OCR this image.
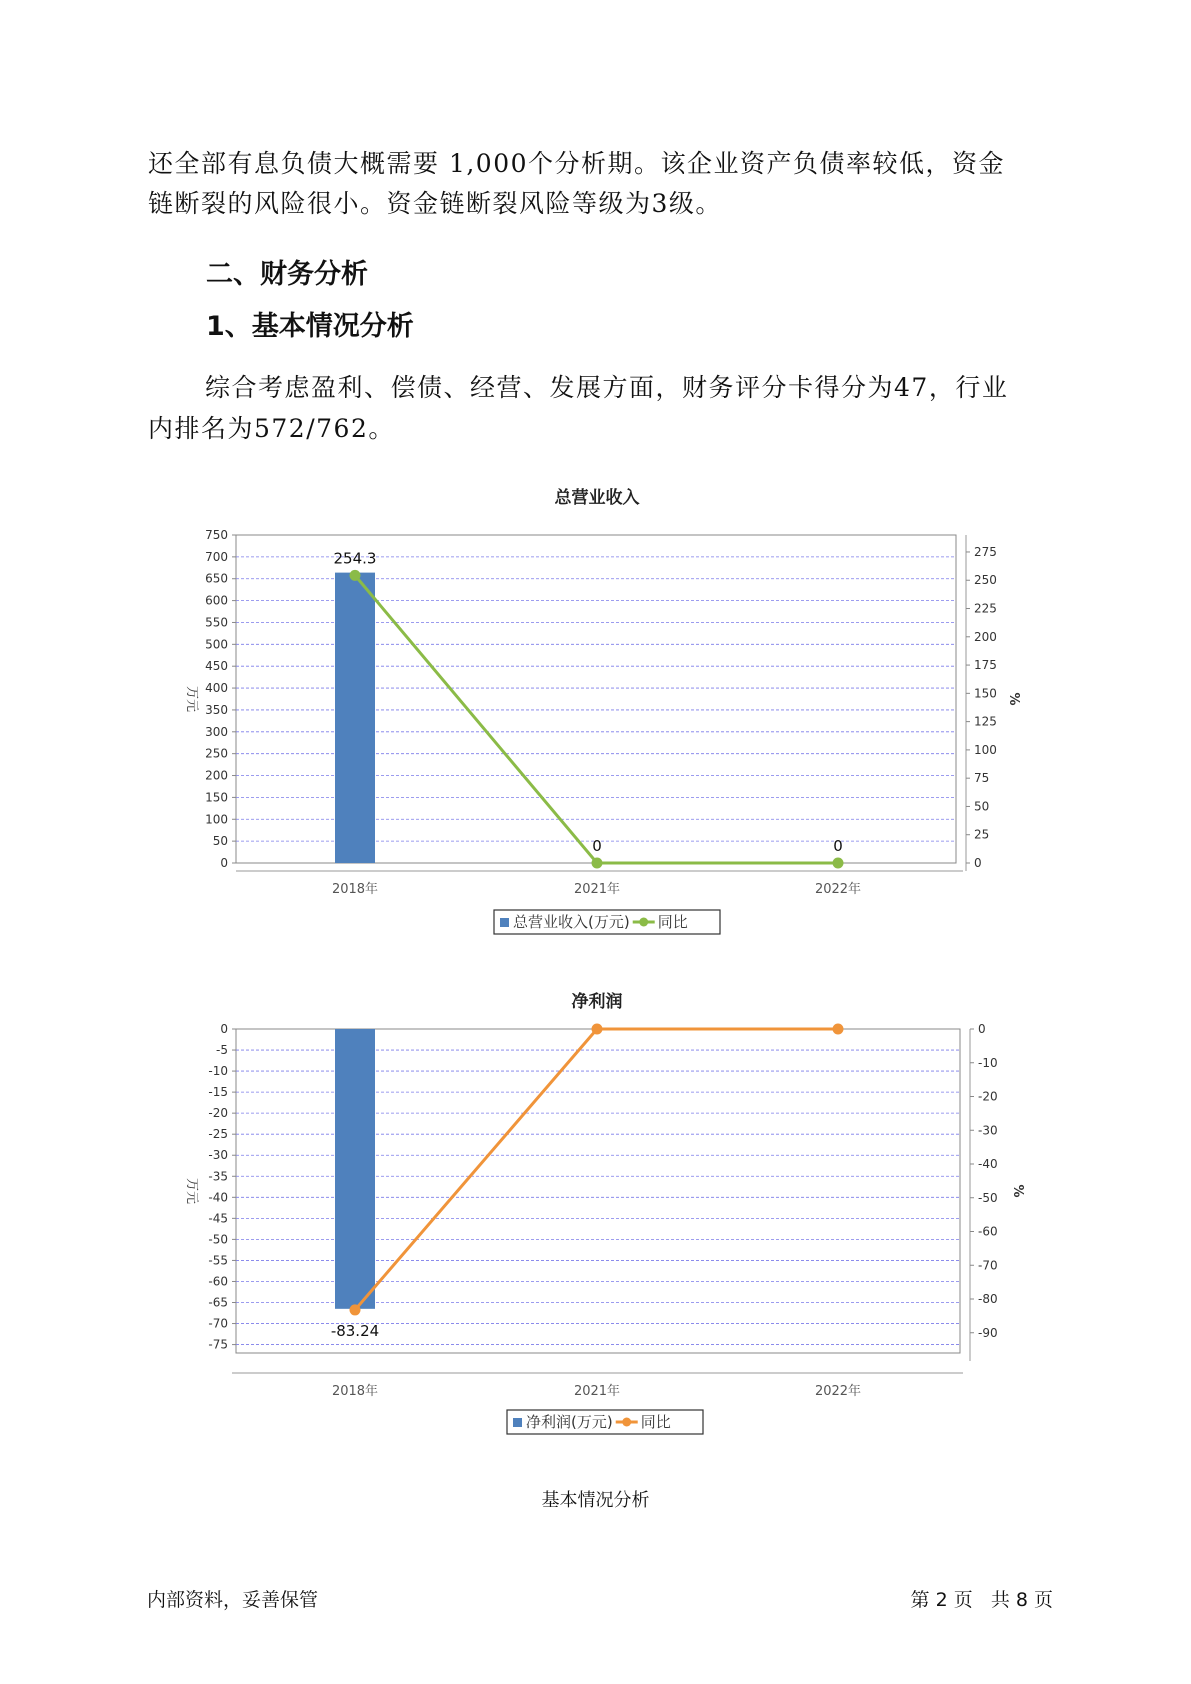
还全部有息负债大概需要 1,000个分析期。该企业资产负债率较低，资金

链断裂的风险很小。资金链断裂风险等级为3级。

二、财务分析
1、基本情况分析

综合考虑盈利、偿债、经营、发展方面，财务评分卡得分为47，行业

内排名为572/762。

总营业收入
0
50
100
150
200
250
300
350
400
450
500
550
600
650
700
750
0
25
50
75
100
125
150
175
200
225
250
275
万元	%
2018年	2021年	2022年
254.3
0	0
总营业收入(万元) 同比
净利润
0
-5
-10
-15
-20
-25
-30
-35
-40
-45
-50
-55
-60
-65
-70
-75
0
-10
-20
-30
-40
-50
-60
-70
-80
-90
万元	%
2018年	2021年	2022年
-83.24
净利润(万元) 同比
基本情况分析
内部资料，妥善保管	第 2 页   共 8 页
